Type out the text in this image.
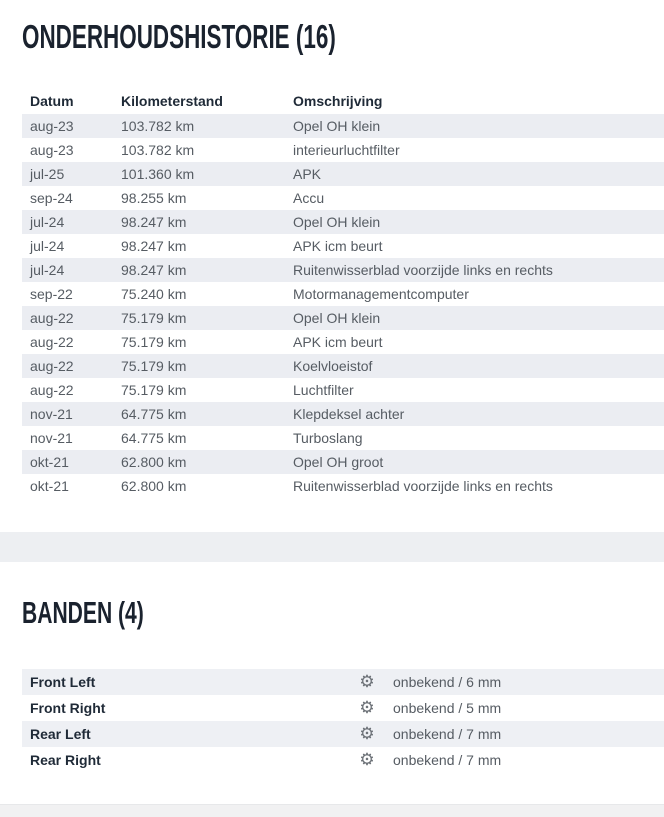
ONDERHOUDSHISTORIE (16)
Datum	Kilometerstand	Omschrijving
aug-23	103.782 km	Opel OH klein
aug-23	103.782 km	interieurluchtfilter
jul-25	101.360 km	APK
sep-24	98.255 km	Accu
jul-24	98.247 km	Opel OH klein
jul-24	98.247 km	APK icm beurt
jul-24	98.247 km	Ruitenwisserblad voorzijde links en rechts
sep-22	75.240 km	Motormanagementcomputer
aug-22	75.179 km	Opel OH klein
aug-22	75.179 km	APK icm beurt
aug-22	75.179 km	Koelvloeistof
aug-22	75.179 km	Luchtfilter
nov-21	64.775 km	Klepdeksel achter
nov-21	64.775 km	Turboslang
okt-21	62.800 km	Opel OH groot
okt-21	62.800 km	Ruitenwisserblad voorzijde links en rechts
BANDEN (4)
Front Left	⚙ onbekend / 6 mm
Front Right	⚙ onbekend / 5 mm
Rear Left	⚙ onbekend / 7 mm
Rear Right	⚙ onbekend / 7 mm
